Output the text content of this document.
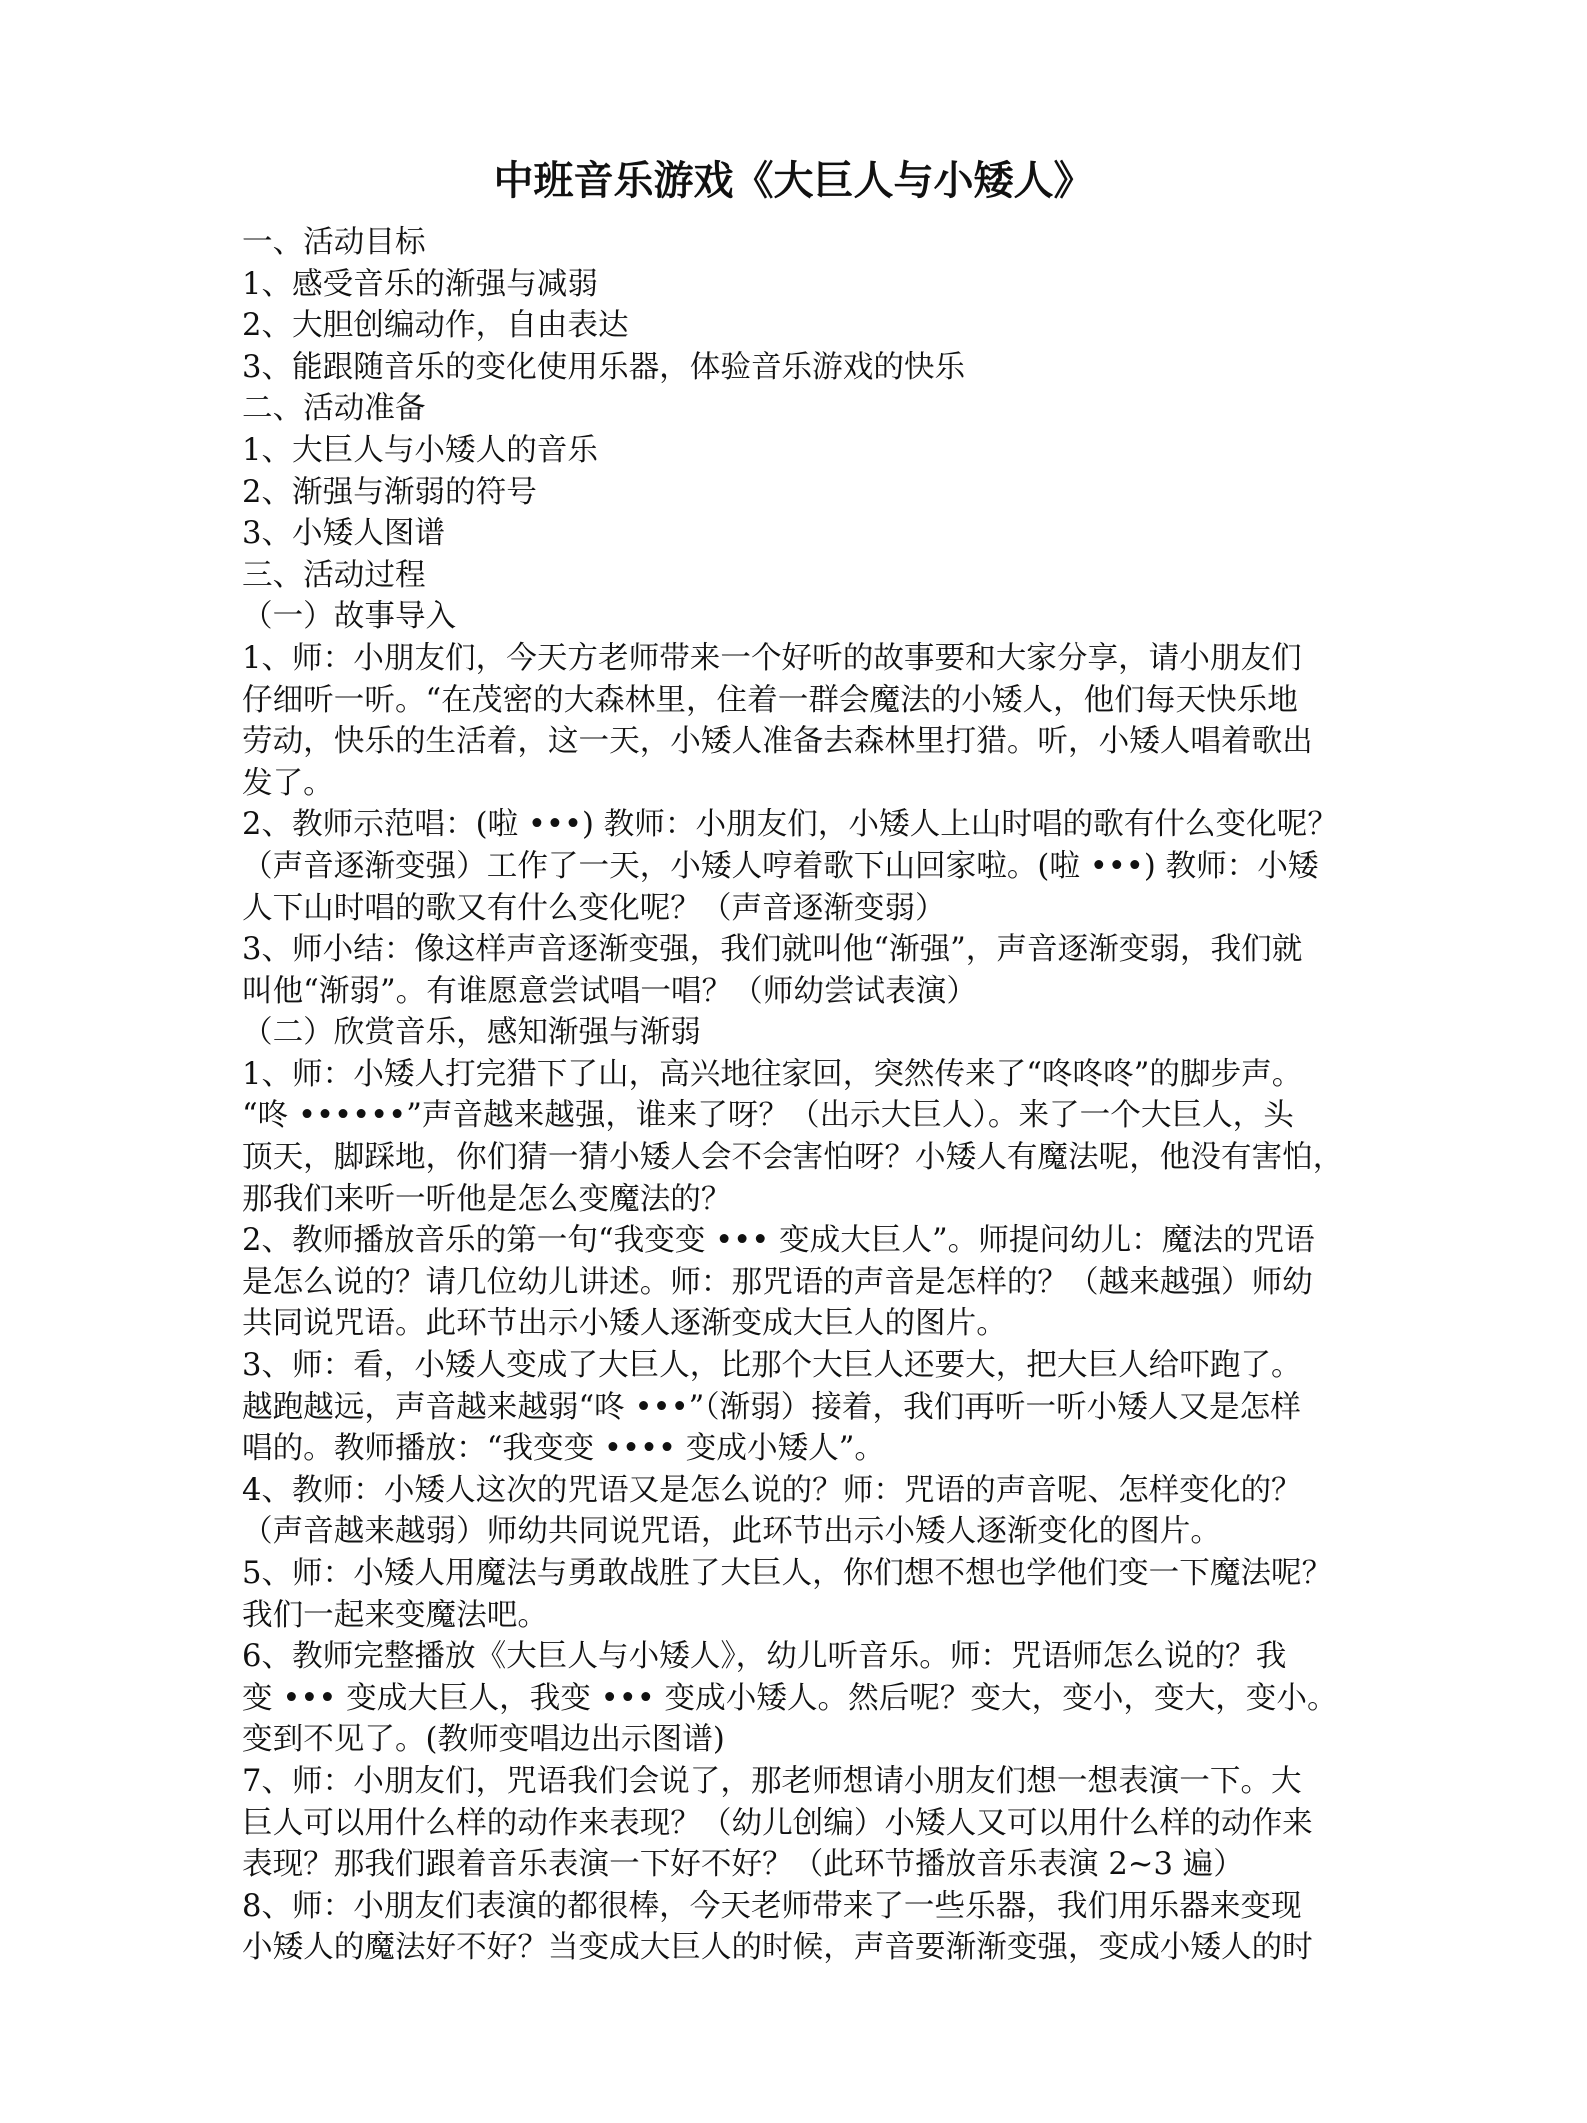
中班音乐游戏《大巨人与小矮人》
一、活动目标
1、感受音乐的渐强与减弱
2、大胆创编动作，自由表达
3、能跟随音乐的变化使用乐器，体验音乐游戏的快乐
二、活动准备
1、大巨人与小矮人的音乐
2、渐强与渐弱的符号
3、小矮人图谱
三、活动过程
（一）故事导入
1、师：小朋友们，今天方老师带来一个好听的故事要和大家分享，请小朋友们
仔细听一听。“在茂密的大森林里，住着一群会魔法的小矮人，他们每天快乐地
劳动，快乐的生活着，这一天，小矮人准备去森林里打猎。听，小矮人唱着歌出
发了。
2、教师示范唱：(啦 •••) 教师：小朋友们，小矮人上山时唱的歌有什么变化呢？
（声音逐渐变强）工作了一天，小矮人哼着歌下山回家啦。(啦 •••) 教师：小矮
人下山时唱的歌又有什么变化呢？（声音逐渐变弱）
3、师小结：像这样声音逐渐变强，我们就叫他“渐强”，声音逐渐变弱，我们就
叫他“渐弱”。有谁愿意尝试唱一唱？（师幼尝试表演）
（二）欣赏音乐，感知渐强与渐弱
1、师：小矮人打完猎下了山，高兴地往家回，突然传来了“咚咚咚”的脚步声。
“咚 ••••••”声音越来越强，谁来了呀？（出示大巨人）。来了一个大巨人，头
顶天，脚踩地，你们猜一猜小矮人会不会害怕呀？小矮人有魔法呢，他没有害怕，
那我们来听一听他是怎么变魔法的？
2、教师播放音乐的第一句“我变变 ••• 变成大巨人”。师提问幼儿：魔法的咒语
是怎么说的？请几位幼儿讲述。师：那咒语的声音是怎样的？（越来越强）师幼
共同说咒语。此环节出示小矮人逐渐变成大巨人的图片。
3、师：看，小矮人变成了大巨人，比那个大巨人还要大，把大巨人给吓跑了。
越跑越远，声音越来越弱“咚 •••”（渐弱）接着，我们再听一听小矮人又是怎样
唱的。教师播放：“我变变 •••• 变成小矮人”。
4、教师：小矮人这次的咒语又是怎么说的？师：咒语的声音呢、怎样变化的？
（声音越来越弱）师幼共同说咒语，此环节出示小矮人逐渐变化的图片。
5、师：小矮人用魔法与勇敢战胜了大巨人，你们想不想也学他们变一下魔法呢？
我们一起来变魔法吧。
6、教师完整播放《大巨人与小矮人》，幼儿听音乐。师：咒语师怎么说的？我
变 ••• 变成大巨人，我变 ••• 变成小矮人。然后呢？变大，变小，变大，变小。
变到不见了。(教师变唱边出示图谱)
7、师：小朋友们，咒语我们会说了，那老师想请小朋友们想一想表演一下。大
巨人可以用什么样的动作来表现？（幼儿创编）小矮人又可以用什么样的动作来
表现？那我们跟着音乐表演一下好不好？（此环节播放音乐表演 2~3 遍）
8、师：小朋友们表演的都很棒，今天老师带来了一些乐器，我们用乐器来变现
小矮人的魔法好不好？当变成大巨人的时候，声音要渐渐变强，变成小矮人的时
